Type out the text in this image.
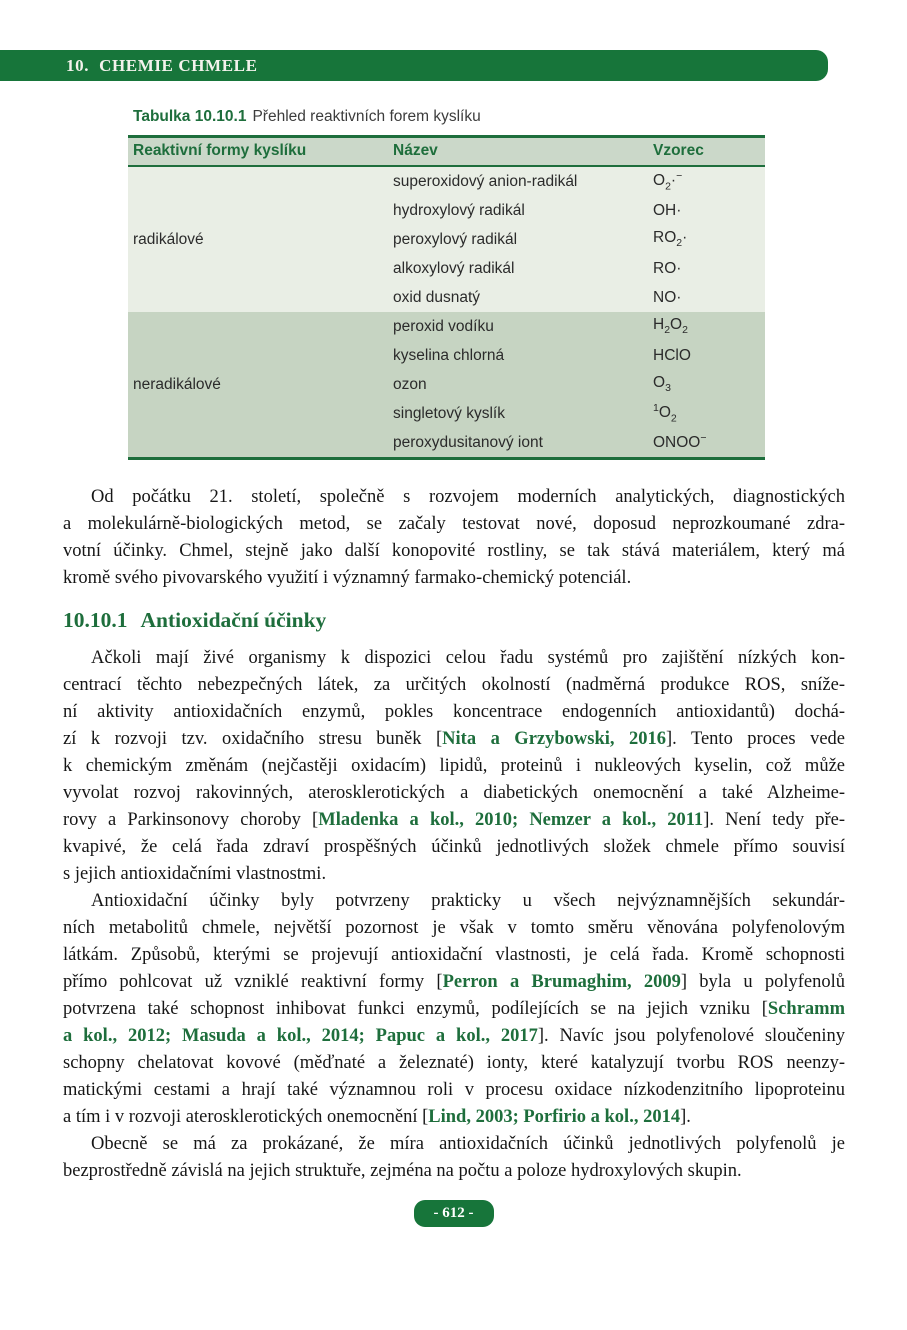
10. CHEMIE CHMELE
Tabulka 10.10.1 Přehled reaktivních forem kyslíku
Reaktivní formy kyslíku	Název	Vzorec
radikálové
superoxidový anion-radikál	$O_2\cdot^-$
hydroxylový radikál	OH·
peroxylový radikál	$RO_2\cdot$
alkoxylový radikál	RO·
oxid dusnatý	NO·
neradikálové
peroxid vodíku	$H_2O_2$
kyselina chlorná	HClO
ozon	$O_3$
singletový kyslík	$^1O_2$
peroxydusitanový iont	ONOO−
Od počátku 21. století, společně s rozvojem moderních analytických, diagnostických
a molekulárně-biologických metod, se začaly testovat nové, doposud neprozkoumané zdra-
votní účinky. Chmel, stejně jako další konopovité rostliny, se tak stává materiálem, který má
kromě svého pivovarského využití i významný farmako-chemický potenciál.
10.10.1 Antioxidační účinky
Ačkoli mají živé organismy k dispozici celou řadu systémů pro zajištění nízkých kon-
centrací těchto nebezpečných látek, za určitých okolností (nadměrná produkce ROS, sníže-
ní aktivity antioxidačních enzymů, pokles koncentrace endogenních antioxidantů) dochá-
zí k rozvoji tzv. oxidačního stresu buněk [Nita a Grzybowski, 2016]. Tento proces vede
k chemickým změnám (nejčastěji oxidacím) lipidů, proteinů i nukleových kyselin, což může
vyvolat rozvoj rakovinných, aterosklerotických a diabetických onemocnění a také Alzheime-
rovy a Parkinsonovy choroby [Mladenka a kol., 2010; Nemzer a kol., 2011]. Není tedy pře-
kvapivé, že celá řada zdraví prospěšných účinků jednotlivých složek chmele přímo souvisí
s jejich antioxidačními vlastnostmi.
Antioxidační účinky byly potvrzeny prakticky u všech nejvýznamnějších sekundár-
ních metabolitů chmele, největší pozornost je však v tomto směru věnována polyfenolovým
látkám. Způsobů, kterými se projevují antioxidační vlastnosti, je celá řada. Kromě schopnosti
přímo pohlcovat už vzniklé reaktivní formy [Perron a Brumaghim, 2009] byla u polyfenolů
potvrzena také schopnost inhibovat funkci enzymů, podílejících se na jejich vzniku [Schramm
a kol., 2012; Masuda a kol., 2014; Papuc a kol., 2017]. Navíc jsou polyfenolové sloučeniny
schopny chelatovat kovové (měďnaté a železnaté) ionty, které katalyzují tvorbu ROS neenzy-
matickými cestami a hrají také významnou roli v procesu oxidace nízkodenzitního lipoproteinu
a tím i v rozvoji aterosklerotických onemocnění [Lind, 2003; Porfirio a kol., 2014].
Obecně se má za prokázané, že míra antioxidačních účinků jednotlivých polyfenolů je
bezprostředně závislá na jejich struktuře, zejména na počtu a poloze hydroxylových skupin.
- 612 -
